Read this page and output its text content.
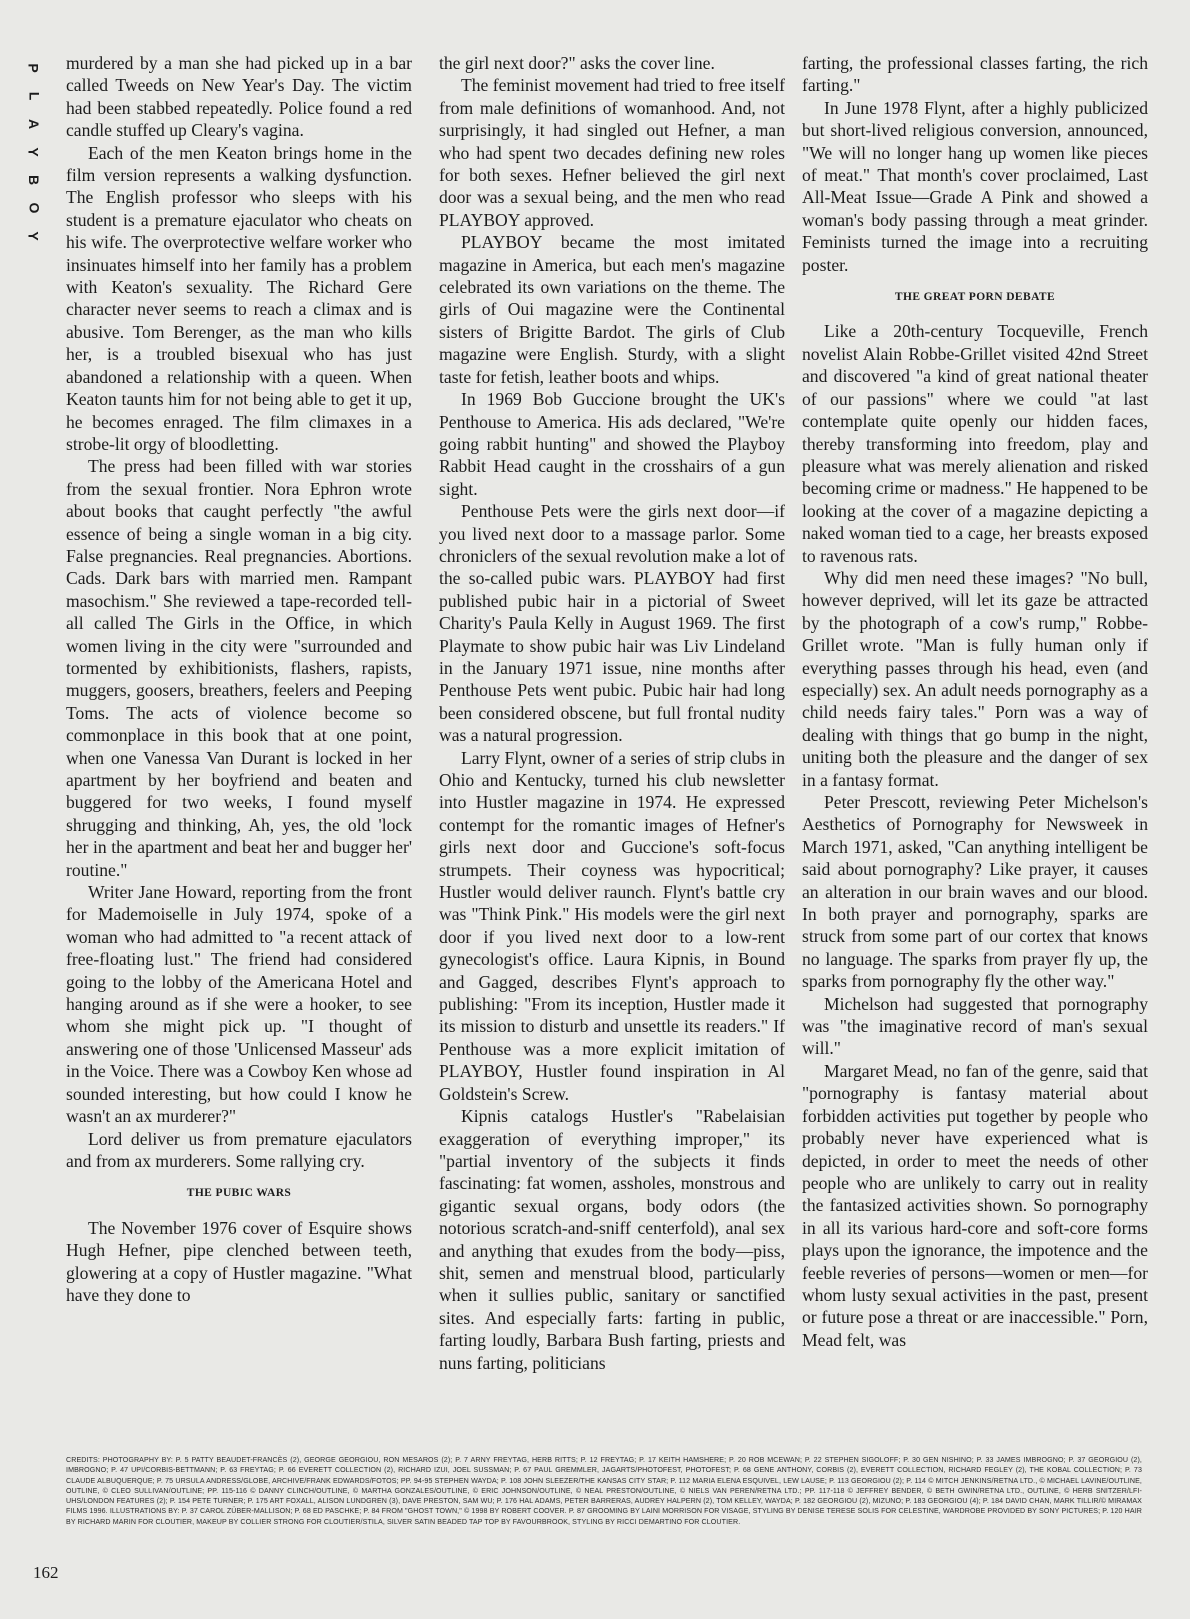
P
L
A
Y
B
O
Y

murdered by a man she had picked up in a bar called Tweeds on New Year's Day. The victim had been stabbed repeatedly. Police found a red candle stuffed up Cleary's vagina.

Each of the men Keaton brings home in the film version represents a walking dysfunction. The English professor who sleeps with his student is a premature ejaculator who cheats on his wife. The overprotective welfare worker who insinuates himself into her family has a problem with Keaton's sexuality. The Richard Gere character never seems to reach a climax and is abusive. Tom Berenger, as the man who kills her, is a troubled bisexual who has just abandoned a relationship with a queen. When Keaton taunts him for not being able to get it up, he becomes enraged. The film climaxes in a strobe-lit orgy of bloodletting.

The press had been filled with war stories from the sexual frontier. Nora Ephron wrote about books that caught perfectly "the awful essence of being a single woman in a big city. False pregnancies. Real pregnancies. Abortions. Cads. Dark bars with married men. Rampant masochism." She reviewed a tape-recorded tell-all called The Girls in the Office, in which women living in the city were "surrounded and tormented by exhibitionists, flashers, rapists, muggers, goosers, breathers, feelers and Peeping Toms. The acts of violence become so commonplace in this book that at one point, when one Vanessa Van Durant is locked in her apartment by her boyfriend and beaten and buggered for two weeks, I found myself shrugging and thinking, Ah, yes, the old 'lock her in the apartment and beat her and bugger her' routine."

Writer Jane Howard, reporting from the front for Mademoiselle in July 1974, spoke of a woman who had admitted to "a recent attack of free-floating lust." The friend had considered going to the lobby of the Americana Hotel and hanging around as if she were a hooker, to see whom she might pick up. "I thought of answering one of those 'Unlicensed Masseur' ads in the Voice. There was a Cowboy Ken whose ad sounded interesting, but how could I know he wasn't an ax murderer?"

Lord deliver us from premature ejaculators and from ax murderers. Some rallying cry.

THE PUBIC WARS

The November 1976 cover of Esquire shows Hugh Hefner, pipe clenched between teeth, glowering at a copy of Hustler magazine. "What have they done to

the girl next door?" asks the cover line.

The feminist movement had tried to free itself from male definitions of womanhood. And, not surprisingly, it had singled out Hefner, a man who had spent two decades defining new roles for both sexes. Hefner believed the girl next door was a sexual being, and the men who read PLAYBOY approved.

PLAYBOY became the most imitated magazine in America, but each men's magazine celebrated its own variations on the theme. The girls of Oui magazine were the Continental sisters of Brigitte Bardot. The girls of Club magazine were English. Sturdy, with a slight taste for fetish, leather boots and whips.

In 1969 Bob Guccione brought the UK's Penthouse to America. His ads declared, "We're going rabbit hunting" and showed the Playboy Rabbit Head caught in the crosshairs of a gun sight.

Penthouse Pets were the girls next door—if you lived next door to a massage parlor. Some chroniclers of the sexual revolution make a lot of the so-called pubic wars. PLAYBOY had first published pubic hair in a pictorial of Sweet Charity's Paula Kelly in August 1969. The first Playmate to show pubic hair was Liv Lindeland in the January 1971 issue, nine months after Penthouse Pets went pubic. Pubic hair had long been considered obscene, but full frontal nudity was a natural progression.

Larry Flynt, owner of a series of strip clubs in Ohio and Kentucky, turned his club newsletter into Hustler magazine in 1974. He expressed contempt for the romantic images of Hefner's girls next door and Guccione's soft-focus strumpets. Their coyness was hypocritical; Hustler would deliver raunch. Flynt's battle cry was "Think Pink." His models were the girl next door if you lived next door to a low-rent gynecologist's office. Laura Kipnis, in Bound and Gagged, describes Flynt's approach to publishing: "From its inception, Hustler made it its mission to disturb and unsettle its readers." If Penthouse was a more explicit imitation of PLAYBOY, Hustler found inspiration in Al Goldstein's Screw.

Kipnis catalogs Hustler's "Rabelaisian exaggeration of everything improper," its "partial inventory of the subjects it finds fascinating: fat women, assholes, monstrous and gigantic sexual organs, body odors (the notorious scratch-and-sniff centerfold), anal sex and anything that exudes from the body—piss, shit, semen and menstrual blood, particularly when it sullies public, sanitary or sanctified sites. And especially farts: farting in public, farting loudly, Barbara Bush farting, priests and nuns farting, politicians

farting, the professional classes farting, the rich farting."

In June 1978 Flynt, after a highly publicized but short-lived religious conversion, announced, "We will no longer hang up women like pieces of meat." That month's cover proclaimed, Last All-Meat Issue—Grade A Pink and showed a woman's body passing through a meat grinder. Feminists turned the image into a recruiting poster.

THE GREAT PORN DEBATE

Like a 20th-century Tocqueville, French novelist Alain Robbe-Grillet visited 42nd Street and discovered "a kind of great national theater of our passions" where we could "at last contemplate quite openly our hidden faces, thereby transforming into freedom, play and pleasure what was merely alienation and risked becoming crime or madness." He happened to be looking at the cover of a magazine depicting a naked woman tied to a cage, her breasts exposed to ravenous rats.

Why did men need these images? "No bull, however deprived, will let its gaze be attracted by the photograph of a cow's rump," Robbe-Grillet wrote. "Man is fully human only if everything passes through his head, even (and especially) sex. An adult needs pornography as a child needs fairy tales." Porn was a way of dealing with things that go bump in the night, uniting both the pleasure and the danger of sex in a fantasy format.

Peter Prescott, reviewing Peter Michelson's Aesthetics of Pornography for Newsweek in March 1971, asked, "Can anything intelligent be said about pornography? Like prayer, it causes an alteration in our brain waves and our blood. In both prayer and pornography, sparks are struck from some part of our cortex that knows no language. The sparks from prayer fly up, the sparks from pornography fly the other way."

Michelson had suggested that pornography was "the imaginative record of man's sexual will."

Margaret Mead, no fan of the genre, said that "pornography is fantasy material about forbidden activities put together by people who probably never have experienced what is depicted, in order to meet the needs of other people who are unlikely to carry out in reality the fantasized activities shown. So pornography in all its various hard-core and soft-core forms plays upon the ignorance, the impotence and the feeble reveries of persons—women or men—for whom lusty sexual activities in the past, present or future pose a threat or are inaccessible." Porn, Mead felt, was

CREDITS: PHOTOGRAPHY BY: P. 5 PATTY BEAUDET-FRANCÈS (2), GEORGE GEORGIOU, RON MESAROS (2); P. 7 ARNY FREYTAG, HERB RITTS; P. 12 FREYTAG; P. 17 KEITH HAMSHERE; P. 20 ROB MCEWAN; P. 22 STEPHEN SIGOLOFF; P. 30 GEN NISHINO; P. 33 JAMES IMBROGNO; P. 37 GEORGIOU (2), IMBROGNO; P. 47 UPI/CORBIS-BETTMANN; P. 63 FREYTAG; P. 66 EVERETT COLLECTION (2), RICHARD IZUI, JOEL SUSSMAN; P. 67 PAUL GREMMLER, JAGARTS/PHOTOFEST, PHOTOFEST; P. 68 GENE ANTHONY, CORBIS (2), EVERETT COLLECTION, RICHARD FEGLEY (2), THE KOBAL COLLECTION; P. 73 CLAUDE ALBUQUERQUE; P. 75 URSULA ANDRESS/GLOBE, ARCHIVE/FRANK EDWARDS/FOTOS; PP. 94-95 STEPHEN WAYDA; P. 108 JOHN SLEEZER/THE KANSAS CITY STAR; P. 112 MARIA ELENA ESQUIVEL, LEW LAUSE; P. 113 GEORGIOU (2); P. 114 © MITCH JENKINS/RETNA LTD., © MICHAEL LAVINE/OUTLINE, OUTLINE, © CLEO SULLIVAN/OUTLINE; PP. 115-116 © DANNY CLINCH/OUTLINE, © MARTHA GONZALES/OUTLINE, © ERIC JOHNSON/OUTLINE, © NEAL PRESTON/OUTLINE, © NIELS VAN PEREN/RETNA LTD.; PP. 117-118 © JEFFREY BENDER, © BETH GWIN/RETNA LTD., OUTLINE, © HERB SNITZER/LFI-UHS/LONDON FEATURES (2); P. 154 PETE TURNER; P. 175 ART FOXALL, ALISON LUNDGREN (3), DAVE PRESTON, SAM WU; P. 176 HAL ADAMS, PETER BARRERAS, AUDREY HALPERN (2), TOM KELLEY, WAYDA; P. 182 GEORGIOU (2), MIZUNO; P. 183 GEORGIOU (4); P. 184 DAVID CHAN, MARK TILLIR/© MIRAMAX FILMS 1996. ILLUSTRATIONS BY: P. 37 CAROL ZÜBER-MALLISON; P. 68 ED PASCHKE; P. 84 FROM "GHOST TOWN," © 1998 BY ROBERT COOVER. P. 87 GROOMING BY LAINI MORRISON FOR VISAGE, STYLING BY DENISE TERESE SOLIS FOR CELESTINE, WARDROBE PROVIDED BY SONY PICTURES; P. 120 HAIR BY RICHARD MARIN FOR CLOUTIER, MAKEUP BY COLLIER STRONG FOR CLOUTIER/STILA, SILVER SATIN BEADED TAP TOP BY FAVOURBROOK, STYLING BY RICCI DEMARTINO FOR CLOUTIER.
162
